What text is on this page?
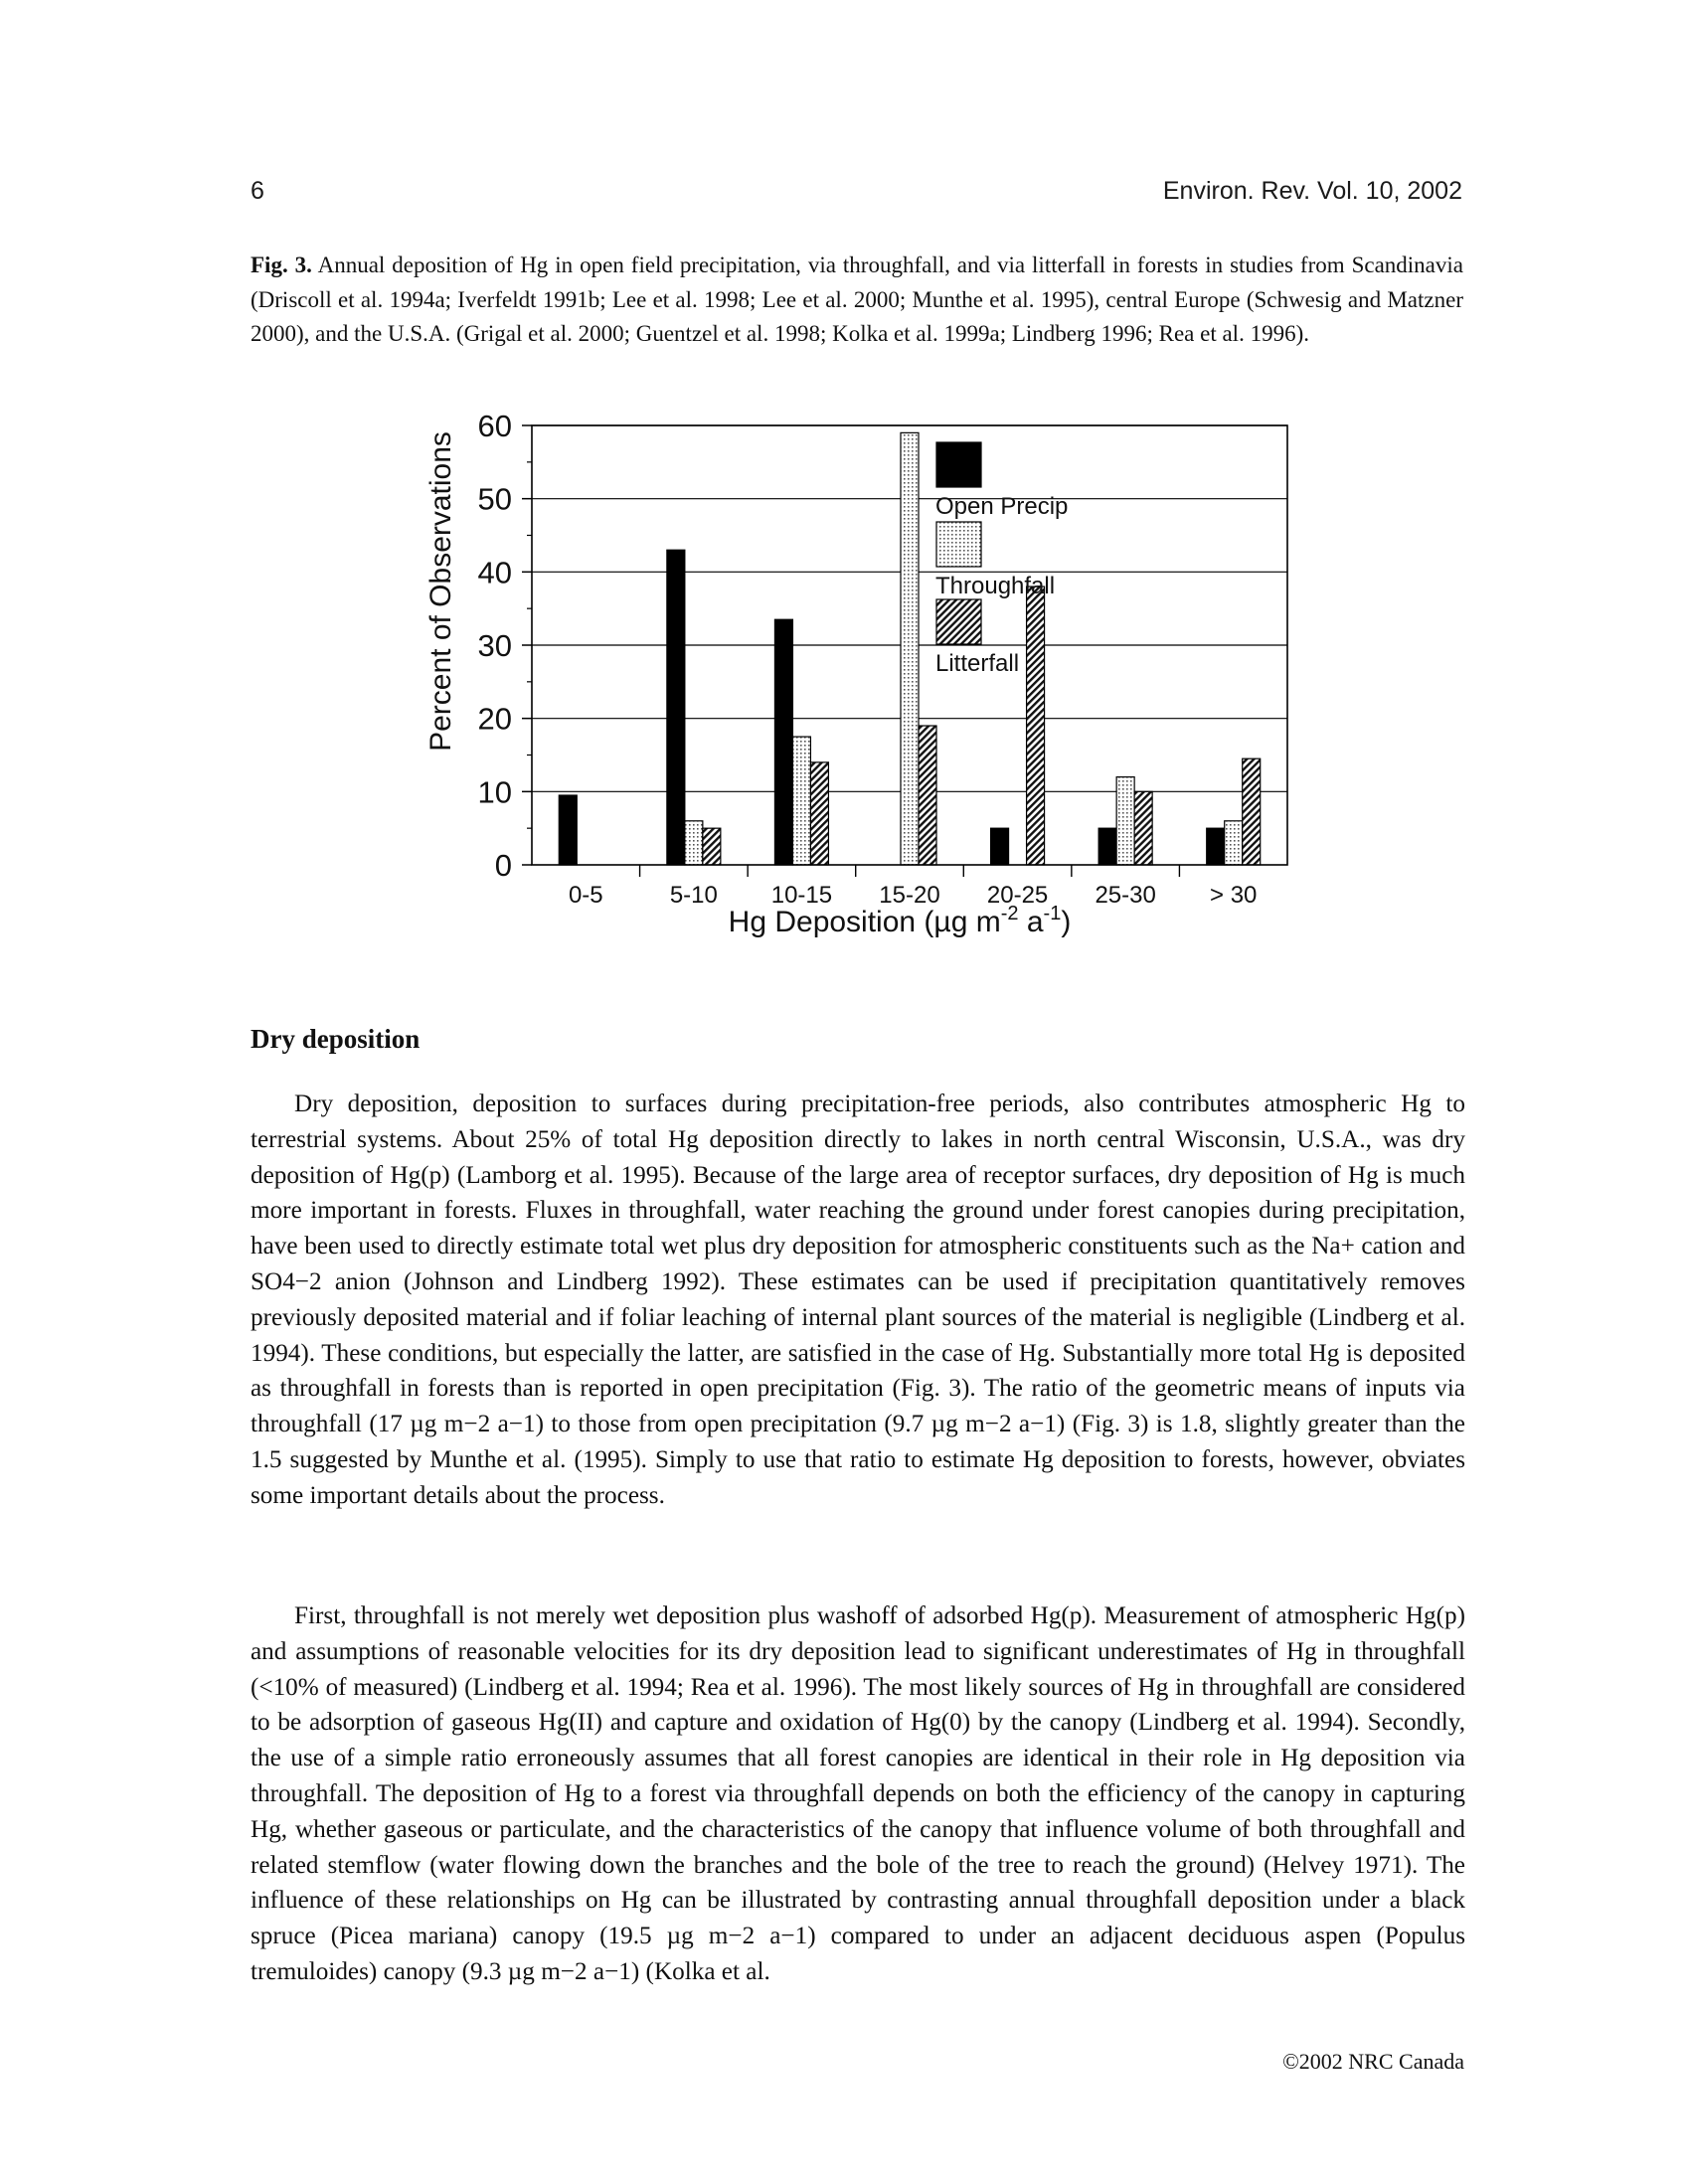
6	Environ. Rev. Vol. 10, 2002
Fig. 3. Annual deposition of Hg in open field precipitation, via throughfall, and via litterfall in forests in studies from Scandinavia (Driscoll et al. 1994a; Iverfeldt 1991b; Lee et al. 1998; Lee et al. 2000; Munthe et al. 1995), central Europe (Schwesig and Matzner 2000), and the U.S.A. (Grigal et al. 2000; Guentzel et al. 1998; Kolka et al. 1999a; Lindberg 1996; Rea et al. 1996).
0
10
20
30
40
50
60
0-5	5-10 10-15 15-20 20-25 25-30 > 30
Open Precip
Throughfall
Litterfall
Percent of Observations
Hg Deposition (µg $m^{-2}$ $a^{-1}$)
Dry deposition

Dry deposition, deposition to surfaces during precipitation-free periods, also contributes atmospheric Hg to terrestrial systems. About 25% of total Hg deposition directly to lakes in north central Wisconsin, U.S.A., was dry deposition of Hg(p) (Lamborg et al. 1995). Because of the large area of receptor surfaces, dry deposition of Hg is much more important in forests. Fluxes in throughfall, water reaching the ground under forest canopies during precipitation, have been used to directly estimate total wet plus dry deposition for atmospheric constituents such as the Na+ cation and SO4−2 anion (Johnson and Lindberg 1992). These estimates can be used if precipitation quantitatively removes previously deposited material and if foliar leaching of internal plant sources of the material is negligible (Lindberg et al. 1994). These conditions, but especially the latter, are satisfied in the case of Hg. Substantially more total Hg is deposited as throughfall in forests than is reported in open precipitation (Fig. 3). The ratio of the geometric means of inputs via throughfall (17 µg m−2 a−1) to those from open precipitation (9.7 µg m−2 a−1) (Fig. 3) is 1.8, slightly greater than the 1.5 suggested by Munthe et al. (1995). Simply to use that ratio to estimate Hg deposition to forests, however, obviates some important details about the process.

First, throughfall is not merely wet deposition plus washoff of adsorbed Hg(p). Measurement of atmospheric Hg(p) and assumptions of reasonable velocities for its dry deposition lead to significant underestimates of Hg in throughfall (<10% of measured) (Lindberg et al. 1994; Rea et al. 1996). The most likely sources of Hg in throughfall are considered to be adsorption of gaseous Hg(II) and capture and oxidation of Hg(0) by the canopy (Lindberg et al. 1994). Secondly, the use of a simple ratio erroneously assumes that all forest canopies are identical in their role in Hg deposition via throughfall. The deposition of Hg to a forest via throughfall depends on both the efficiency of the canopy in capturing Hg, whether gaseous or particulate, and the characteristics of the canopy that influence volume of both throughfall and related stemflow (water flowing down the branches and the bole of the tree to reach the ground) (Helvey 1971). The influence of these relationships on Hg can be illustrated by contrasting annual throughfall deposition under a black spruce (Picea mariana) canopy (19.5 µg m−2 a−1) compared to under an adjacent deciduous aspen (Populus tremuloides) canopy (9.3 µg m−2 a−1) (Kolka et al.

©2002 NRC Canada
